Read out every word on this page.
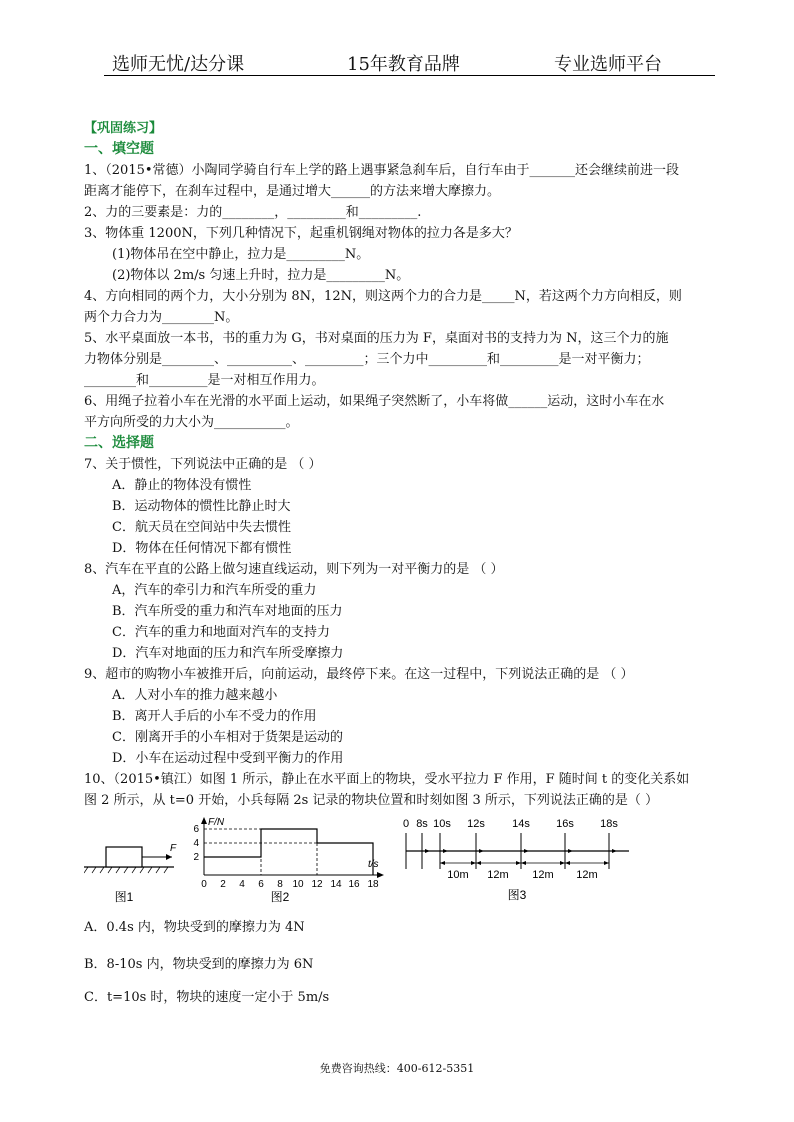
选师无忧/达分课	15年教育品牌	专业选师平台
【巩固练习】
一、填空题
1、（2015•常德）小陶同学骑自行车上学的路上遇事紧急刹车后，自行车由于_______还会继续前进一段
距离才能停下，在刹车过程中，是通过增大______的方法来增大摩擦力。
2、力的三要素是：力的________，_________和_________.
3、物体重 1200N，下列几种情况下，起重机钢绳对物体的拉力各是多大？
(1)物体吊在空中静止，拉力是_________N。
(2)物体以 2m/s 匀速上升时，拉力是_________N。
4、方向相同的两个力，大小分别为 8N，12N，则这两个力的合力是_____N，若这两个力方向相反，则
两个力合力为________N。
5、水平桌面放一本书，书的重力为 G，书对桌面的压力为 F，桌面对书的支持力为 N，这三个力的施
力物体分别是________、__________、_________；三个力中_________和_________是一对平衡力；
________和_________是一对相互作用力。
6、用绳子拉着小车在光滑的水平面上运动，如果绳子突然断了，小车将做______运动，这时小车在水
平方向所受的力大小为___________。
二、选择题
7、关于惯性，下列说法中正确的是 （ ）
A．静止的物体没有惯性
B．运动物体的惯性比静止时大
C．航天员在空间站中失去惯性
D．物体在任何情况下都有惯性
8、汽车在平直的公路上做匀速直线运动，则下列为一对平衡力的是 （ ）
A，汽车的牵引力和汽车所受的重力
B．汽车所受的重力和汽车对地面的压力
C．汽车的重力和地面对汽车的支持力
D．汽车对地面的压力和汽车所受摩擦力
9、超市的购物小车被推开后，向前运动，最终停下来。在这一过程中，下列说法正确的是 （ ）
A．人对小车的推力越来越小
B．离开人手后的小车不受力的作用
C．刚离开手的小车相对于货架是运动的
D．小车在运动过程中受到平衡力的作用
10、（2015•镇江）如图 1 所示，静止在水平面上的物块，受水平拉力 F 作用，F 随时间 t 的变化关系如
图 2 所示，从 t=0 开始，小兵每隔 2s 记录的物块位置和时刻如图 3 所示，下列说法正确的是（ ）
F
图1
F/N
t/s
6
4
2
0 2 4 6 8 10 12 14 16 18
图2
0 8s 10s 12s 14s 16s 18s
10m 12m 12m 12m
图3
A．0.4s 内，物块受到的摩擦力为 4N
B．8-10s 内，物块受到的摩擦力为 6N
C．t=10s 时，物块的速度一定小于 5m/s
免费咨询热线：400-612-5351
